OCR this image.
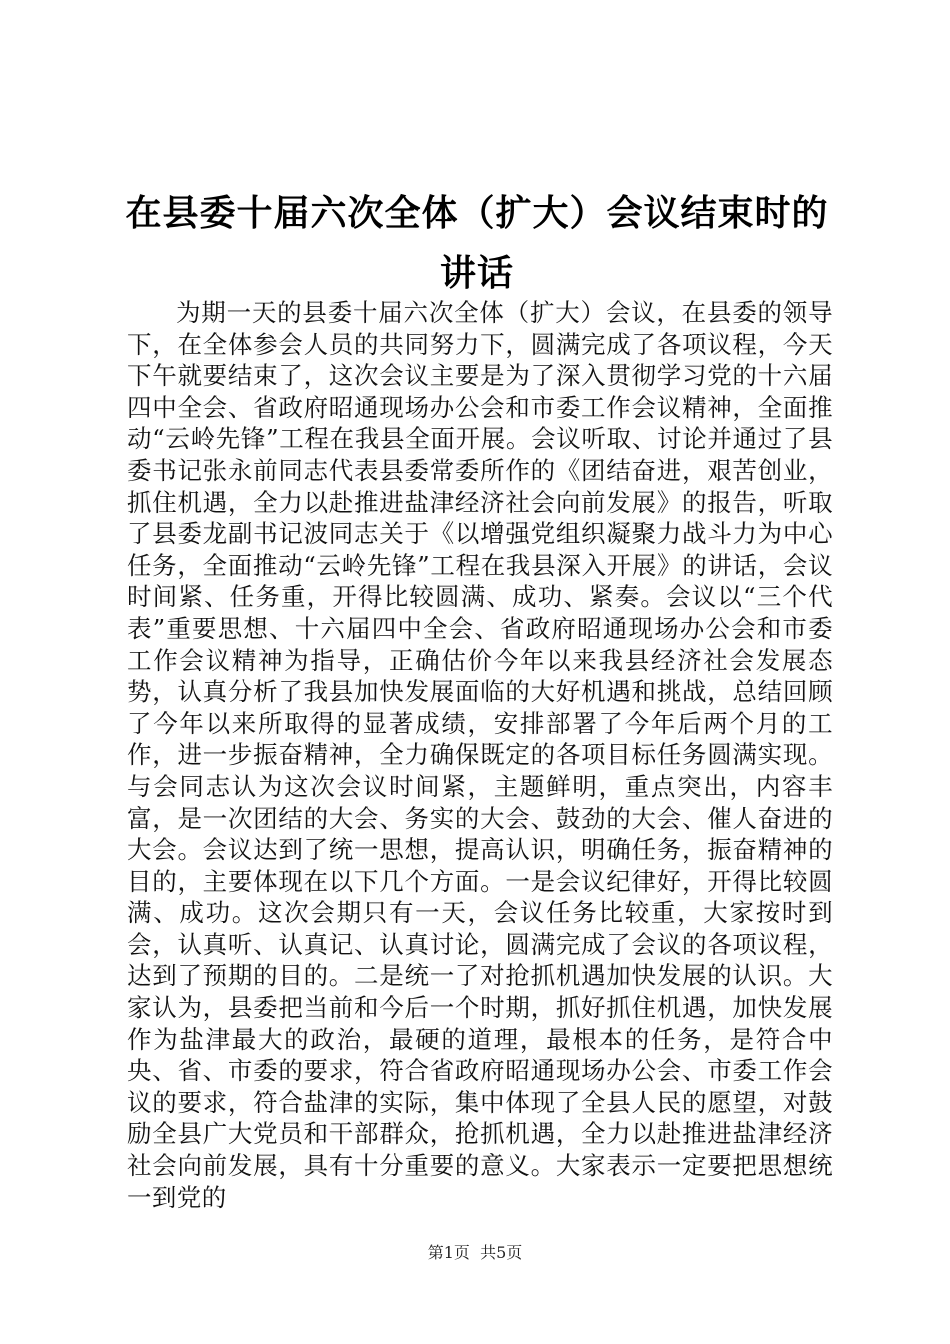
在县委十届六次全体（扩大）会议结束时的讲话

为期一天的县委十届六次全体（扩大）会议，在县委的领导下，在全体参会人员的共同努力下，圆满完成了各项议程，今天下午就要结束了，这次会议主要是为了深入贯彻学习党的十六届四中全会、省政府昭通现场办公会和市委工作会议精神，全面推动“云岭先锋”工程在我县全面开展。会议听取、讨论并通过了县委书记张永前同志代表县委常委所作的《团结奋进，艰苦创业，抓住机遇，全力以赴推进盐津经济社会向前发展》的报告，听取了县委龙副书记波同志关于《以增强党组织凝聚力战斗力为中心任务，全面推动“云岭先锋”工程在我县深入开展》的讲话，会议时间紧、任务重，开得比较圆满、成功、紧奏。会议以“三个代表”重要思想、十六届四中全会、省政府昭通现场办公会和市委工作会议精神为指导，正确估价今年以来我县经济社会发展态势，认真分析了我县加快发展面临的大好机遇和挑战，总结回顾了今年以来所取得的显著成绩，安排部署了今年后两个月的工作，进一步振奋精神，全力确保既定的各项目标任务圆满实现。与会同志认为这次会议时间紧，主题鲜明，重点突出，内容丰富，是一次团结的大会、务实的大会、鼓劲的大会、催人奋进的大会。会议达到了统一思想，提高认识，明确任务，振奋精神的目的，主要体现在以下几个方面。一是会议纪律好，开得比较圆满、成功。这次会期只有一天，会议任务比较重，大家按时到会，认真听、认真记、认真讨论，圆满完成了会议的各项议程，达到了预期的目的。二是统一了对抢抓机遇加快发展的认识。大家认为，县委把当前和今后一个时期，抓好抓住机遇，加快发展作为盐津最大的政治，最硬的道理，最根本的任务，是符合中央、省、市委的要求，符合省政府昭通现场办公会、市委工作会议的要求，符合盐津的实际，集中体现了全县人民的愿望，对鼓励全县广大党员和干部群众，抢抓机遇，全力以赴推进盐津经济社会向前发展，具有十分重要的意义。大家表示一定要把思想统一到党的

第1页 共5页
